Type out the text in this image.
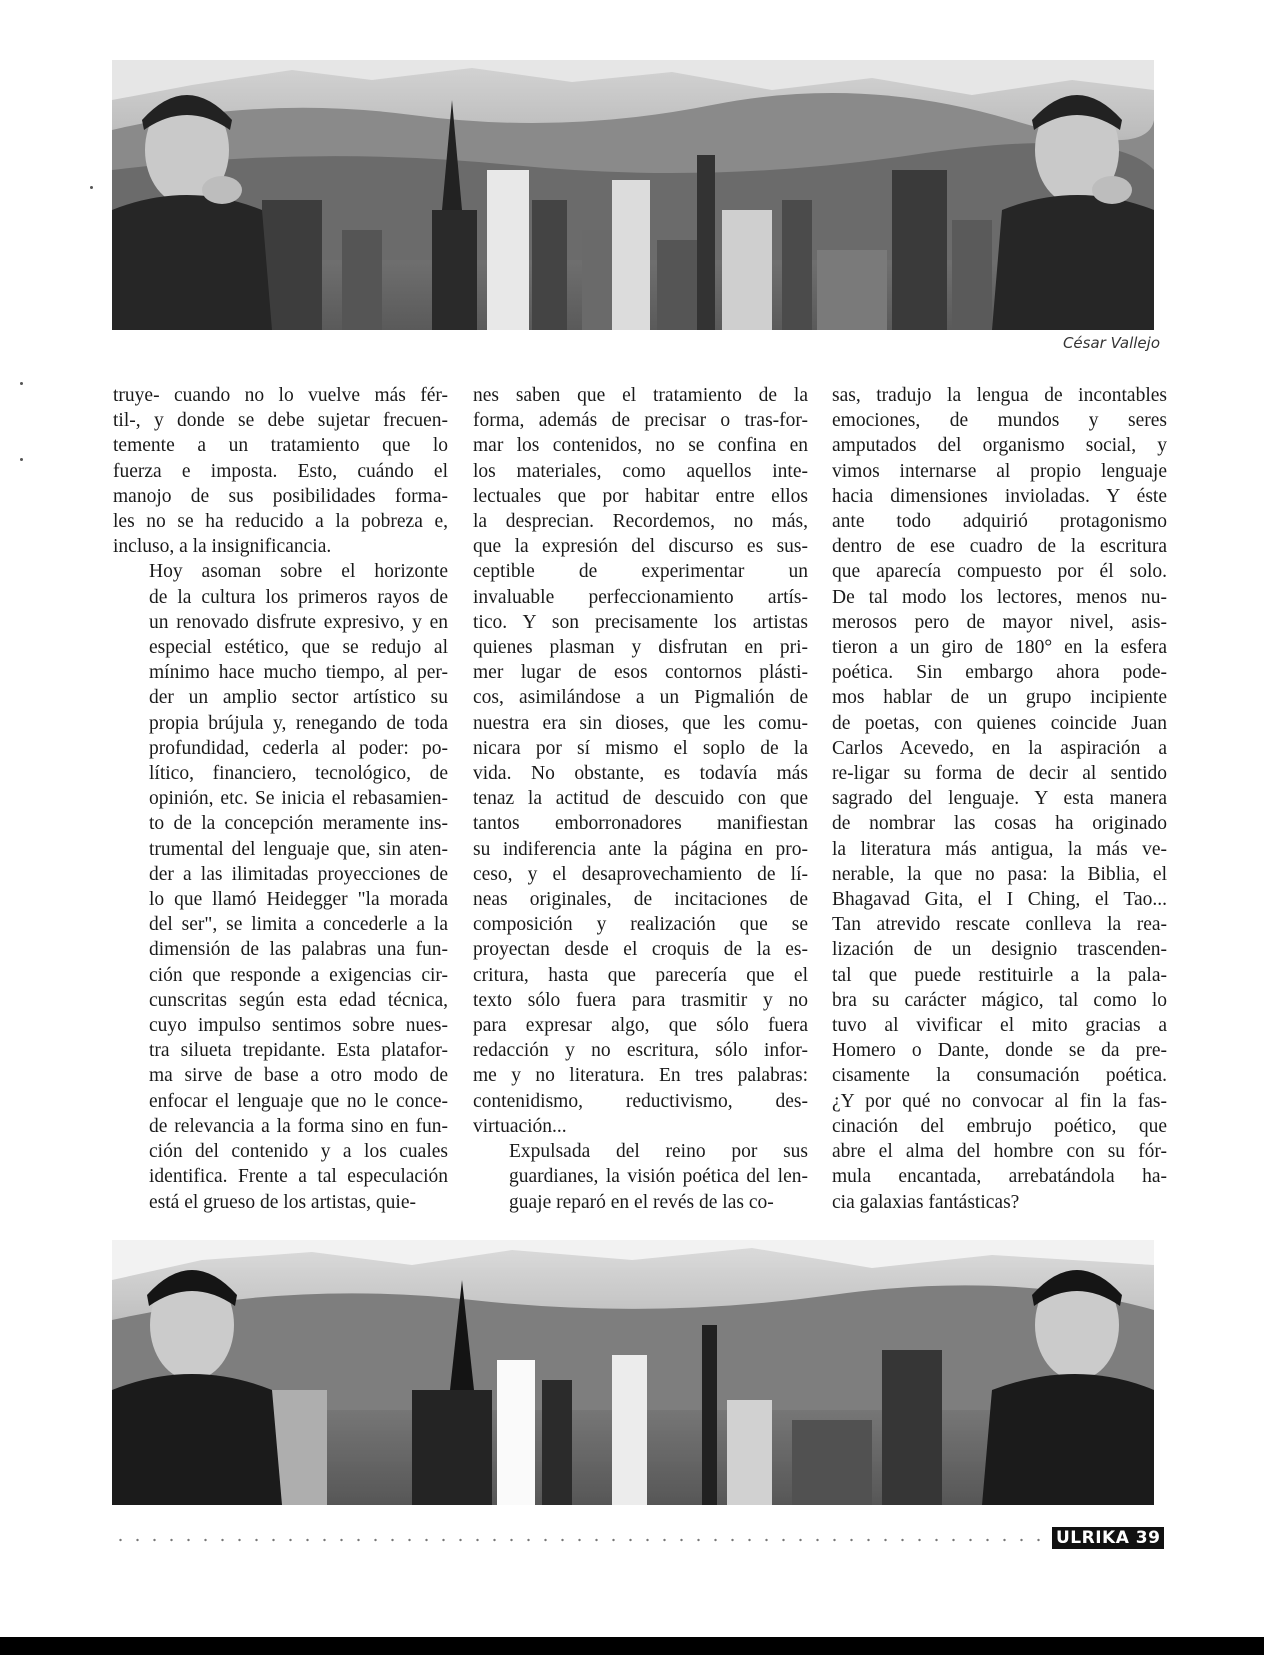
César Vallejo

truye- cuando no lo vuelve más fér-
til-, y donde se debe sujetar frecuen-
temente a un tratamiento que lo
fuerza e imposta. Esto, cuándo el
manojo de sus posibilidades forma-
les no se ha reducido a la pobreza e,
incluso, a la insignificancia.

Hoy asoman sobre el horizonte
de la cultura los primeros rayos de
un renovado disfrute expresivo, y en
especial estético, que se redujo al
mínimo hace mucho tiempo, al per-
der un amplio sector artístico su
propia brújula y, renegando de toda
profundidad, cederla al poder: po-
lítico, financiero, tecnológico, de
opinión, etc. Se inicia el rebasamien-
to de la concepción meramente ins-
trumental del lenguaje que, sin aten-
der a las ilimitadas proyecciones de
lo que llamó Heidegger "la morada
del ser", se limita a concederle a la
dimensión de las palabras una fun-
ción que responde a exigencias cir-
cunscritas según esta edad técnica,
cuyo impulso sentimos sobre nues-
tra silueta trepidante. Esta platafor-
ma sirve de base a otro modo de
enfocar el lenguaje que no le conce-
de relevancia a la forma sino en fun-
ción del contenido y a los cuales
identifica. Frente a tal especulación
está el grueso de los artistas, quie-

nes saben que el tratamiento de la
forma, además de precisar o tras-for-
mar los contenidos, no se confina en
los materiales, como aquellos inte-
lectuales que por habitar entre ellos
la desprecian. Recordemos, no más,
que la expresión del discurso es sus-
ceptible de experimentar un
invaluable perfeccionamiento artís-
tico. Y son precisamente los artistas
quienes plasman y disfrutan en pri-
mer lugar de esos contornos plásti-
cos, asimilándose a un Pigmalión de
nuestra era sin dioses, que les comu-
nicara por sí mismo el soplo de la
vida. No obstante, es todavía más
tenaz la actitud de descuido con que
tantos emborronadores manifiestan
su indiferencia ante la página en pro-
ceso, y el desaprovechamiento de lí-
neas originales, de incitaciones de
composición y realización que se
proyectan desde el croquis de la es-
critura, hasta que parecería que el
texto sólo fuera para trasmitir y no
para expresar algo, que sólo fuera
redacción y no escritura, sólo infor-
me y no literatura. En tres palabras:
contenidismo, reductivismo, des-
virtuación...

Expulsada del reino por sus
guardianes, la visión poética del len-
guaje reparó en el revés de las co-

sas, tradujo la lengua de incontables
emociones, de mundos y seres
amputados del organismo social, y
vimos internarse al propio lenguaje
hacia dimensiones invioladas. Y éste
ante todo adquirió protagonismo
dentro de ese cuadro de la escritura
que aparecía compuesto por él solo.
De tal modo los lectores, menos nu-
merosos pero de mayor nivel, asis-
tieron a un giro de 180° en la esfera
poética. Sin embargo ahora pode-
mos hablar de un grupo incipiente
de poetas, con quienes coincide Juan
Carlos Acevedo, en la aspiración a
re-ligar su forma de decir al sentido
sagrado del lenguaje. Y esta manera
de nombrar las cosas ha originado
la literatura más antigua, la más ve-
nerable, la que no pasa: la Biblia, el
Bhagavad Gita, el I Ching, el Tao...
Tan atrevido rescate conlleva la rea-
lización de un designio trascenden-
tal que puede restituirle a la pala-
bra su carácter mágico, tal como lo
tuvo al vivificar el mito gracias a
Homero o Dante, donde se da pre-
cisamente la consumación poética.
¿Y por qué no convocar al fin la fas-
cinación del embrujo poético, que
abre el alma del hombre con su fór-
mula encantada, arrebatándola ha-
cia galaxias fantásticas?

ULRIKA 39
